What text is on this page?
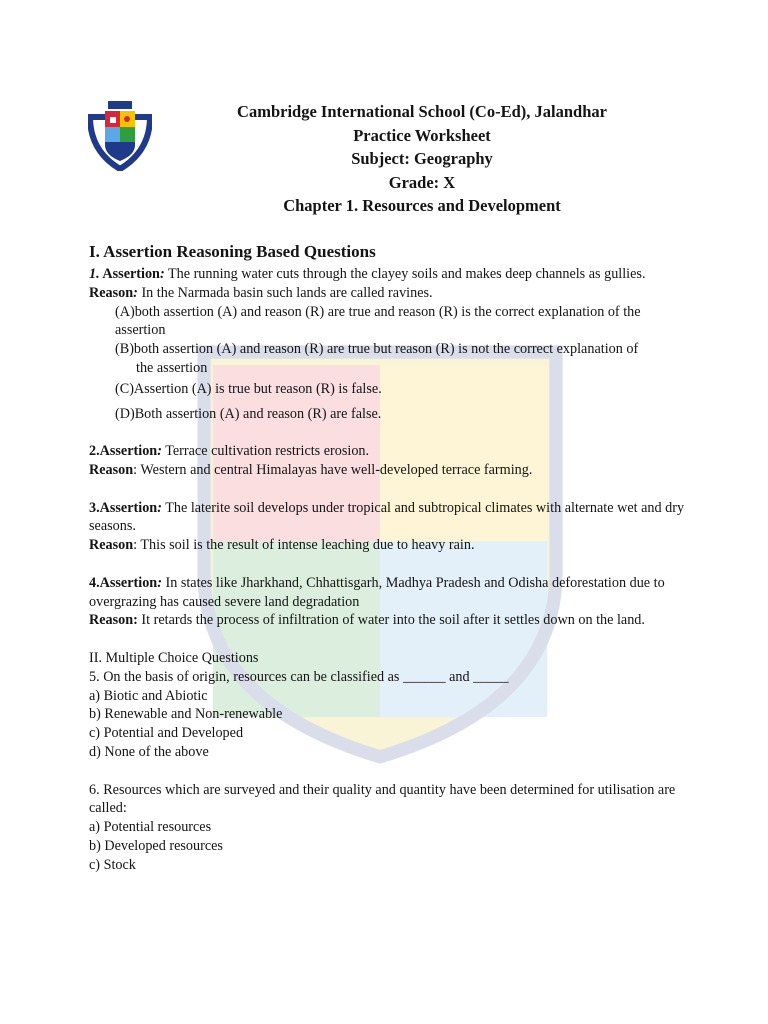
Cambridge International School (Co-Ed), Jalandhar
Practice Worksheet
Subject: Geography
Grade: X
Chapter 1. Resources and Development
I. Assertion Reasoning Based Questions

1. Assertion: The running water cuts through the clayey soils and makes deep channels as gullies.

Reason: In the Narmada basin such lands are called ravines.

(A)both assertion (A) and reason (R) are true and reason (R) is the correct explanation of the assertion

(B)both assertion (A) and reason (R) are true but reason (R) is not the correct explanation of

the assertion

(C)Assertion (A) is true but reason (R) is false.

(D)Both assertion (A) and reason (R) are false.

2.Assertion: Terrace cultivation restricts erosion.

Reason: Western and central Himalayas have well-developed terrace farming.

3.Assertion: The laterite soil develops under tropical and subtropical climates with alternate wet and dry seasons.

Reason: This soil is the result of intense leaching due to heavy rain.

4.Assertion: In states like Jharkhand, Chhattisgarh, Madhya Pradesh and Odisha deforestation due to overgrazing has caused severe land degradation

Reason: It retards the process of infiltration of water into the soil after it settles down on the land.

II. Multiple Choice Questions

5. On the basis of origin, resources can be classified as ______ and _____

a) Biotic and Abiotic

b) Renewable and Non-renewable

c) Potential and Developed

d) None of the above

6. Resources which are surveyed and their quality and quantity have been determined for utilisation are called:

a) Potential resources

b) Developed resources

c) Stock
